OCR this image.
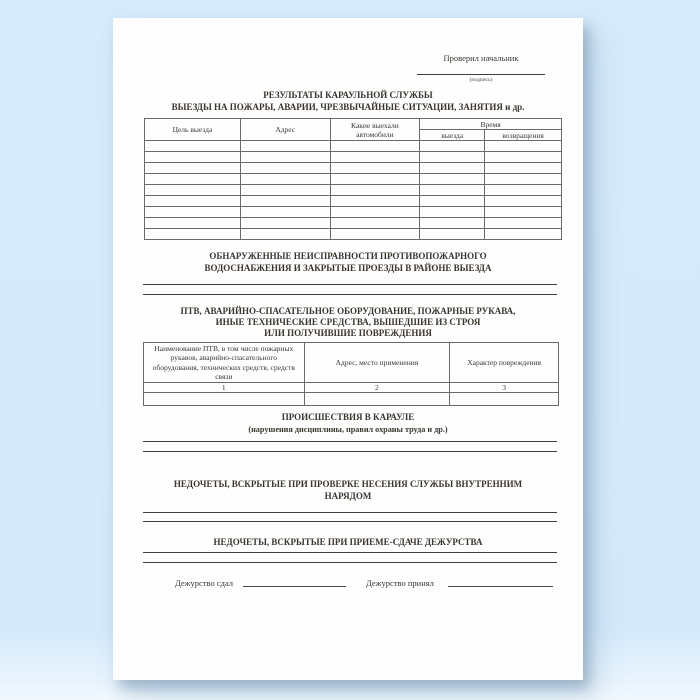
Проверил начальник
(подпись)
РЕЗУЛЬТАТЫ КАРАУЛЬНОЙ СЛУЖБЫ
ВЫЕЗДЫ НА ПОЖАРЫ, АВАРИИ, ЧРЕЗВЫЧАЙНЫЕ СИТУАЦИИ, ЗАНЯТИЯ и др.
Цель выезда	Адрес	Какие выехали автомобили	Время	
			выезда	возвращения

ОБНАРУЖЕННЫЕ НЕИСПРАВНОСТИ ПРОТИВОПОЖАРНОГО
ВОДОСНАБЖЕНИЯ И ЗАКРЫТЫЕ ПРОЕЗДЫ В РАЙОНЕ ВЫЕЗДА
ПТВ, АВАРИЙНО-СПАСАТЕЛЬНОЕ ОБОРУДОВАНИЕ, ПОЖАРНЫЕ РУКАВА,
ИНЫЕ ТЕХНИЧЕСКИЕ СРЕДСТВА, ВЫШЕДШИЕ ИЗ СТРОЯ
ИЛИ ПОЛУЧИВШИЕ ПОВРЕЖДЕНИЯ
Наименование ПТВ, в том числе пожарных рукавов, аварийно-спасательного оборудования, технических средств, средств связи	Адрес, место применения	Характер повреждения
1	2	3

ПРОИСШЕСТВИЯ В КАРАУЛЕ
(нарушения дисциплины, правил охраны труда и др.)
НЕДОЧЕТЫ, ВСКРЫТЫЕ ПРИ ПРОВЕРКЕ НЕСЕНИЯ СЛУЖБЫ ВНУТРЕННИМ
НАРЯДОМ
НЕДОЧЕТЫ, ВСКРЫТЫЕ ПРИ ПРИЕМЕ-СДАЧЕ ДЕЖУРСТВА
Дежурство сдал	Дежурство принял
